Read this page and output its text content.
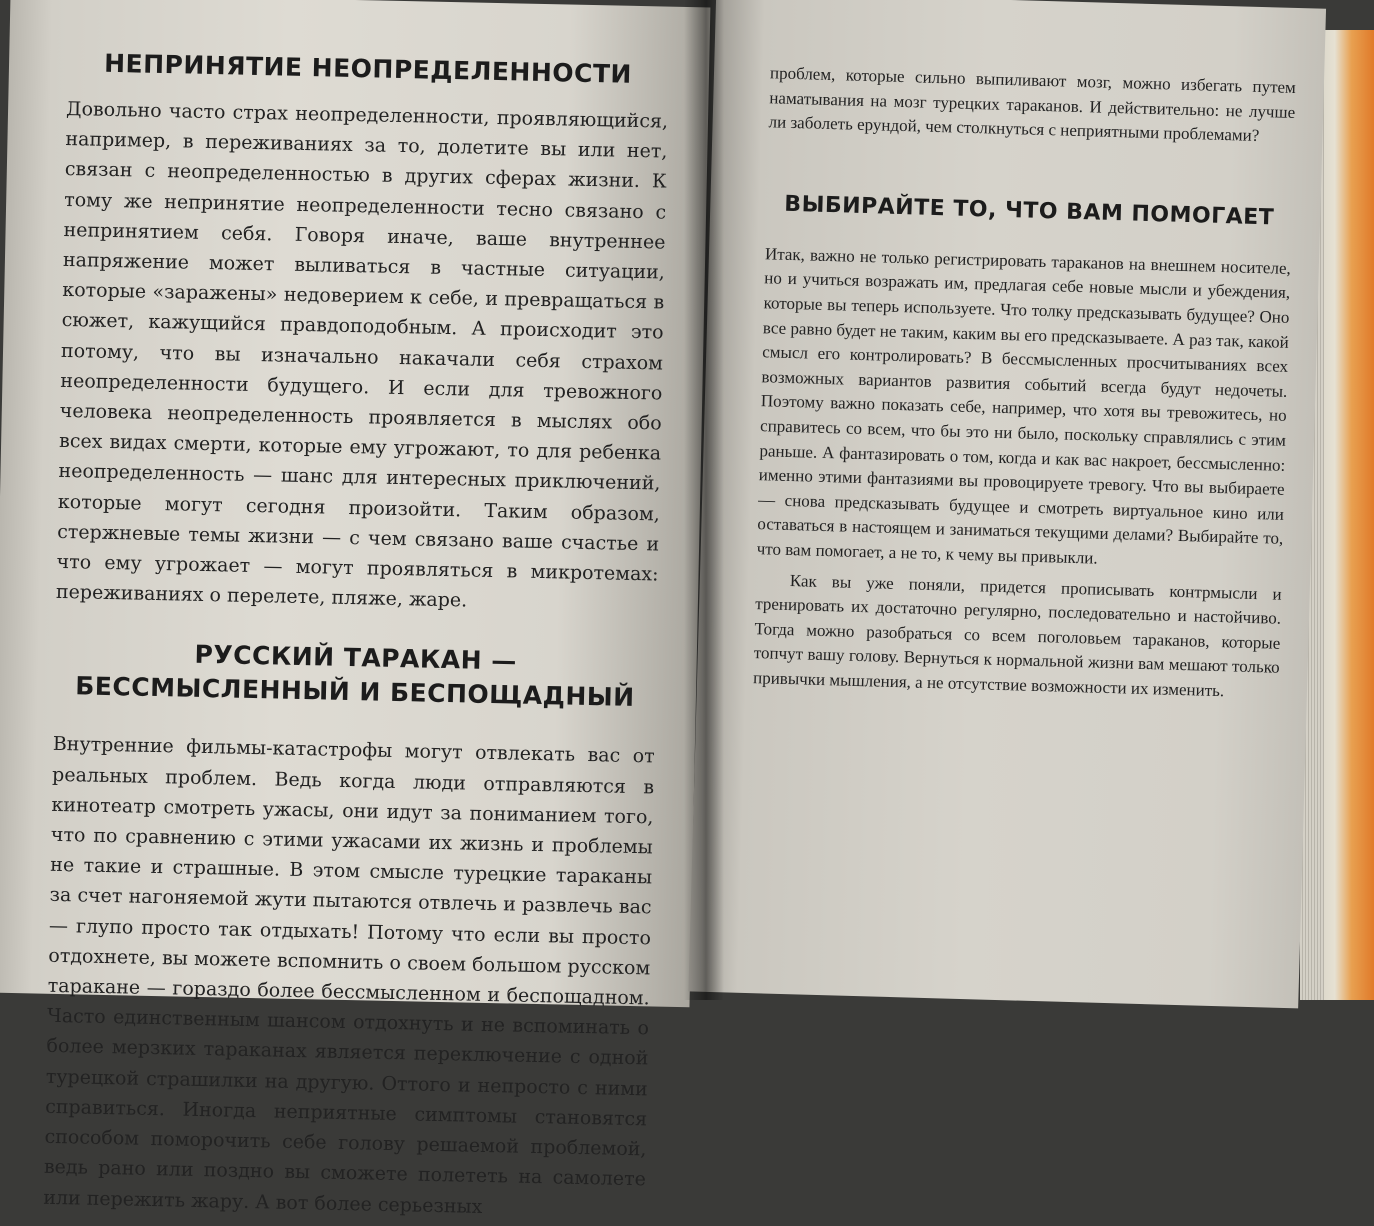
НЕПРИНЯТИЕ НЕОПРЕДЕЛЕННОСТИ

Довольно часто страх неопределенности, проявляющийся, например, в переживаниях за то, долетите вы или нет, связан с неопределенностью в других сферах жизни. К тому же непринятие неопределенности тесно связано с непринятием себя. Говоря иначе, ваше внутреннее напряжение может выливаться в частные ситуации, которые «заражены» недоверием к себе, и превращаться в сюжет, кажущийся правдоподобным. А происходит это потому, что вы изначально накачали себя страхом неопределенности будущего. И если для тревожного человека неопределенность проявляется в мыслях обо всех видах смерти, которые ему угрожают, то для ребенка неопределенность — шанс для интересных приключений, которые могут сегодня произойти. Таким образом, стержневые темы жизни — с чем связано ваше счастье и что ему угрожает — могут проявляться в микротемах: переживаниях о перелете, пляже, жаре.

РУССКИЙ ТАРАКАН — БЕССМЫСЛЕННЫЙ И БЕСПОЩАДНЫЙ

Внутренние фильмы-катастрофы могут отвлекать вас от реальных проблем. Ведь когда люди отправляются в кинотеатр смотреть ужасы, они идут за пониманием того, что по сравнению с этими ужасами их жизнь и проблемы не такие и страшные. В этом смысле турецкие тараканы за счет нагоняемой жути пытаются отвлечь и развлечь вас — глупо просто так отдыхать! Потому что если вы просто отдохнете, вы можете вспомнить о своем большом русском таракане — гораздо более бессмысленном и беспощадном. Часто единственным шансом отдохнуть и не вспоминать о более мерзких тараканах является переключение с одной турецкой страшилки на другую. Оттого и непросто с ними справиться. Иногда неприятные симптомы становятся способом поморочить себе голову решаемой проблемой, ведь рано или поздно вы сможете полететь на самолете или пережить жару. А вот более серьезных

проблем, которые сильно выпиливают мозг, можно избегать путем наматывания на мозг турецких тараканов. И действительно: не лучше ли заболеть ерундой, чем столкнуться с неприятными проблемами?

ВЫБИРАЙТЕ ТО, ЧТО ВАМ ПОМОГАЕТ

Итак, важно не только регистрировать тараканов на внешнем носителе, но и учиться возражать им, предлагая себе новые мысли и убеждения, которые вы теперь используете. Что толку предсказывать будущее? Оно все равно будет не таким, каким вы его предсказываете. А раз так, какой смысл его контролировать? В бессмысленных просчитываниях всех возможных вариантов развития событий всегда будут недочеты. Поэтому важно показать себе, например, что хотя вы тревожитесь, но справитесь со всем, что бы это ни было, поскольку справлялись с этим раньше. А фантазировать о том, когда и как вас накроет, бессмысленно: именно этими фантазиями вы провоцируете тревогу. Что вы выбираете — снова предсказывать будущее и смотреть виртуальное кино или оставаться в настоящем и заниматься текущими делами? Выбирайте то, что вам помогает, а не то, к чему вы привыкли.

Как вы уже поняли, придется прописывать контрмысли и тренировать их достаточно регулярно, последовательно и настойчиво. Тогда можно разобраться со всем поголовьем тараканов, которые топчут вашу голову. Вернуться к нормальной жизни вам мешают только привычки мышления, а не отсутствие возможности их изменить.
